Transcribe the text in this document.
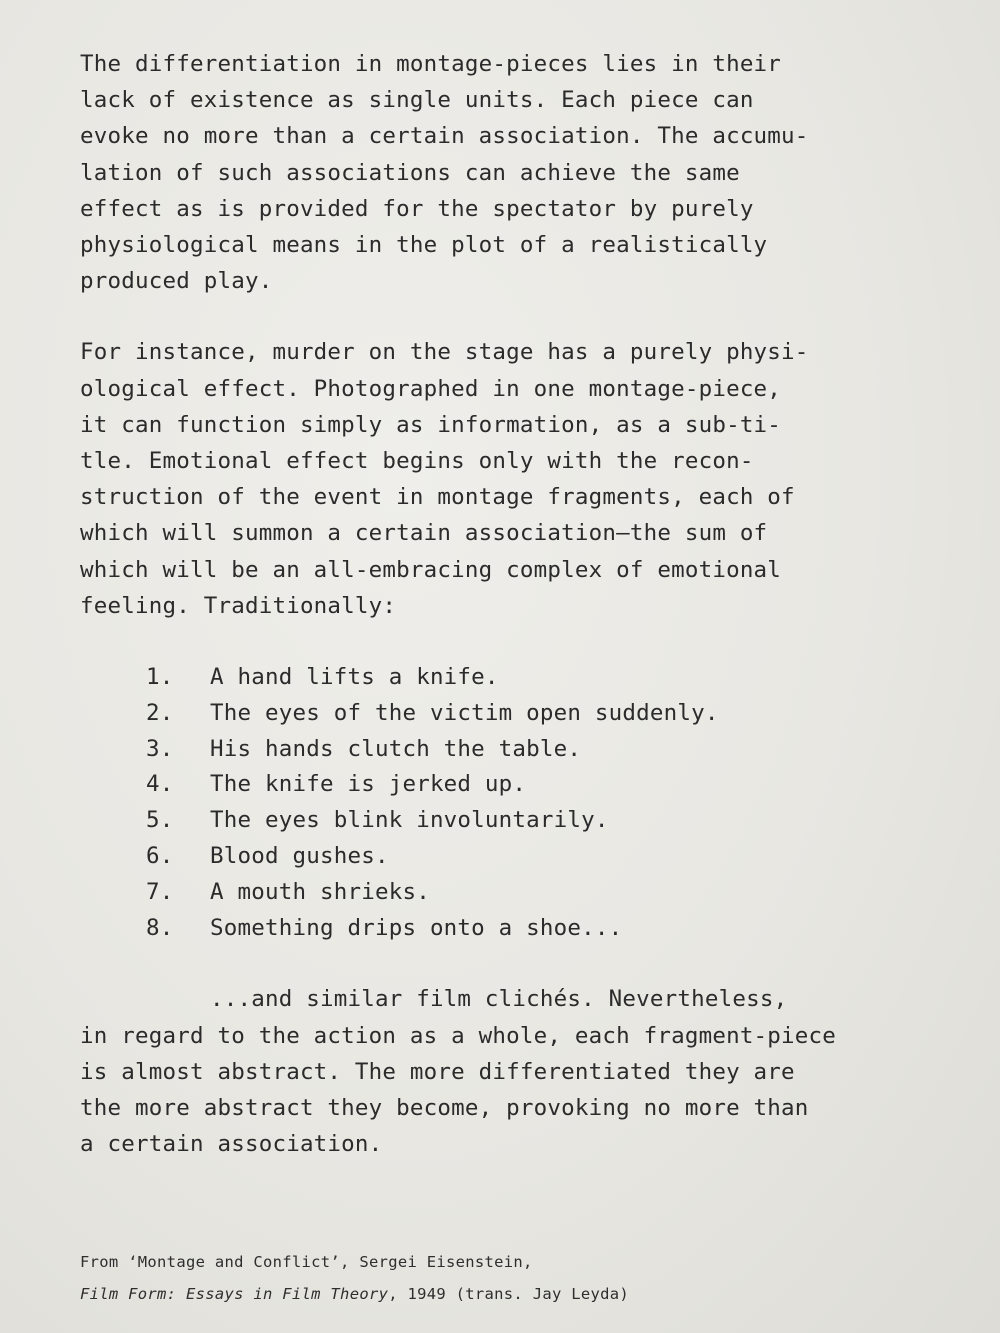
The differentiation in montage-pieces lies in their
lack of existence as single units. Each piece can
evoke no more than a certain association. The accumu-
lation of such associations can achieve the same
effect as is provided for the spectator by purely
physiological means in the plot of a realistically
produced play.

For instance, murder on the stage has a purely physi-
ological effect. Photographed in one montage-piece,
it can function simply as information, as a sub-ti-
tle. Emotional effect begins only with the recon-
struction of the event in montage fragments, each of
which will summon a certain association—the sum of
which will be an all-embracing complex of emotional
feeling. Traditionally:

1.	A hand lifts a knife.
2.	The eyes of the victim open suddenly.
3.	His hands clutch the table.
4.	The knife is jerked up.
5.	The eyes blink involuntarily.
6.	Blood gushes.
7.	A mouth shrieks.
8.	Something drips onto a shoe...

...and similar film clichés. Nevertheless,
in regard to the action as a whole, each fragment-piece
is almost abstract. The more differentiated they are
the more abstract they become, provoking no more than
a certain association.

From ‘Montage and Conflict’, Sergei Eisenstein,
Film Form: Essays in Film Theory, 1949 (trans. Jay Leyda)
